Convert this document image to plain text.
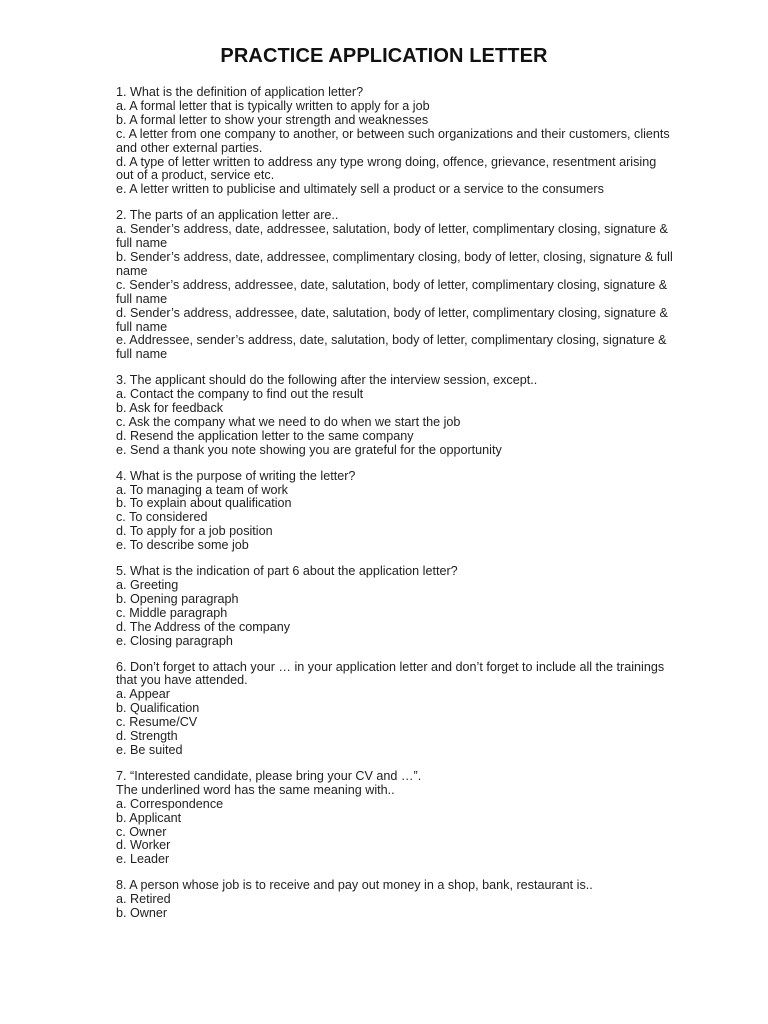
PRACTICE APPLICATION LETTER
1. What is the definition of application letter?
a. A formal letter that is typically written to apply for a job
b. A formal letter to show your strength and weaknesses
c. A letter from one company to another, or between such organizations and their customers, clients and other external parties.
d. A type of letter written to address any type wrong doing, offence, grievance, resentment arising out of a product, service etc.
e. A letter written to publicise and ultimately sell a product or a service to the consumers
2. The parts of an application letter are..
a. Sender’s address, date, addressee, salutation, body of letter, complimentary closing, signature & full name
b. Sender’s address, date, addressee, complimentary closing, body of letter, closing, signature & full name
c. Sender’s address, addressee, date, salutation, body of letter, complimentary closing, signature & full name
d. Sender’s address, addressee, date, salutation, body of letter, complimentary closing, signature & full name
e. Addressee, sender’s address, date, salutation, body of letter, complimentary closing, signature & full name
3. The applicant should do the following after the interview session, except..
a. Contact the company to find out the result
b. Ask for feedback
c. Ask the company what we need to do when we start the job
d. Resend the application letter to the same company
e. Send a thank you note showing you are grateful for the opportunity
4. What is the purpose of writing the letter?
a. To managing a team of work
b. To explain about qualification
c. To considered
d. To apply for a job position
e. To describe some job
5. What is the indication of part 6 about the application letter?
a. Greeting
b. Opening paragraph
c. Middle paragraph
d. The Address of the company
e. Closing paragraph
6. Don’t forget to attach your … in your application letter and don’t forget to include all the trainings that you have attended.
a. Appear
b. Qualification
c. Resume/CV
d. Strength
e. Be suited
7. “Interested candidate, please bring your CV and …”.
The underlined word has the same meaning with..
a. Correspondence
b. Applicant
c. Owner
d. Worker
e. Leader
8. A person whose job is to receive and pay out money in a shop, bank, restaurant is..
a. Retired
b. Owner
